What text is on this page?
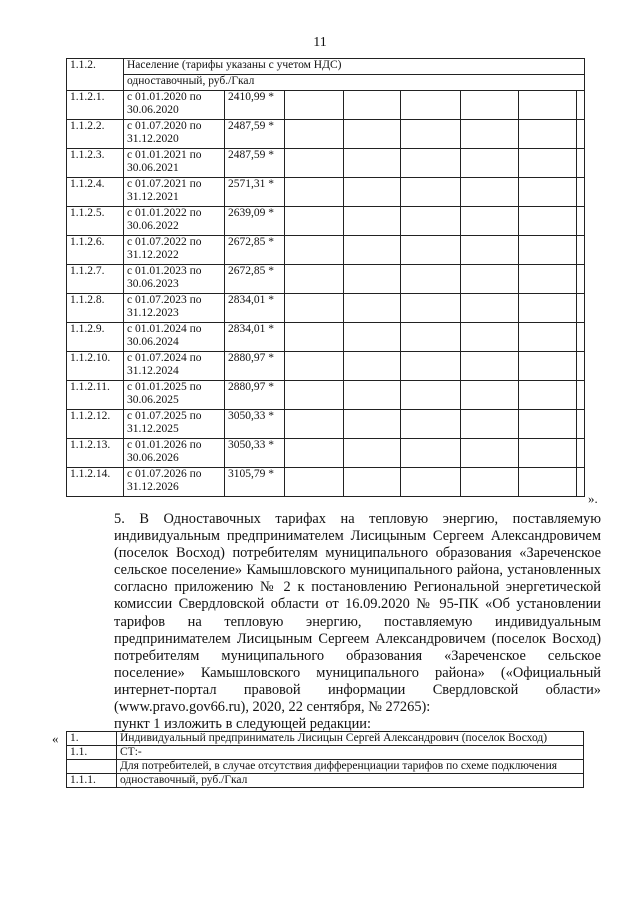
11
1.1.2.	Население (тарифы указаны с учетом НДС)							
	одноставочный, руб./Гкал							
1.1.2.1.	с 01.01.2020 по 30.06.2020	2410,99 *						
1.1.2.2.	с 01.07.2020 по 31.12.2020	2487,59 *						
1.1.2.3.	с 01.01.2021 по 30.06.2021	2487,59 *						
1.1.2.4.	с 01.07.2021 по 31.12.2021	2571,31 *						
1.1.2.5.	с 01.01.2022 по 30.06.2022	2639,09 *						
1.1.2.6.	с 01.07.2022 по 31.12.2022	2672,85 *						
1.1.2.7.	с 01.01.2023 по 30.06.2023	2672,85 *						
1.1.2.8.	с 01.07.2023 по 31.12.2023	2834,01 *						
1.1.2.9.	с 01.01.2024 по 30.06.2024	2834,01 *						
1.1.2.10.	с 01.07.2024 по 31.12.2024	2880,97 *						
1.1.2.11.	с 01.01.2025 по 30.06.2025	2880,97 *						
1.1.2.12.	с 01.07.2025 по 31.12.2025	3050,33 *						
1.1.2.13.	с 01.01.2026 по 30.06.2026	3050,33 *						
1.1.2.14.	с 01.07.2026 по 31.12.2026	3105,79 *						
».

5. В Одноставочных тарифах на тепловую энергию, поставляемую индивидуальным предпринимателем Лисицыным Сергеем Александровичем (поселок Восход) потребителям муниципального образования «Зареченское сельское поселение» Камышловского муниципального района, установленных согласно приложению № 2 к постановлению Региональной энергетической комиссии Свердловской области от 16.09.2020 № 95-ПК «Об установлении тарифов на тепловую энергию, поставляемую индивидуальным предпринимателем Лисицыным Сергеем Александровичем (поселок Восход) потребителям муниципального образования «Зареченское сельское поселение» Камышловского муниципального района» («Официальный интернет-портал правовой информации Свердловской области» (www.pravo.gov66.ru), 2020, 22 сентября, № 27265):

пункт 1 изложить в следующей редакции:

« 1.	Индивидуальный предприниматель Лисицын Сергей Александрович (поселок Восход)
1.1.	СТ:-
	Для потребителей, в случае отсутствия дифференциации тарифов по схеме подключения
1.1.1.	одноставочный, руб./Гкал
